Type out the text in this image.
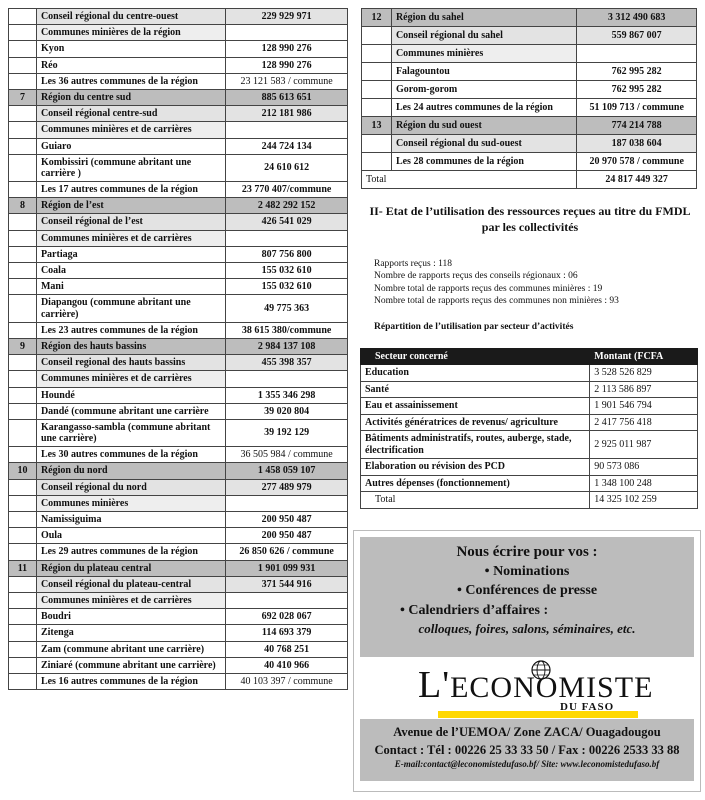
	Conseil régional du centre-ouest	229 929 971
	Communes minières de la région	
	Kyon	128 990 276
	Réo	128 990 276
	Les 36 autres communes de la région	23 121 583 / commune
7	Région du centre sud	885 613 651
	Conseil régional centre-sud	212 181 986
	Communes minières et de carrières	
	Guiaro	244 724 134
	Kombissiri (commune abritant une carrière )	24 610 612
	Les 17 autres communes de la région	23 770 407/commune
8	Région de l’est	2 482 292 152
	Conseil régional de l’est	426 541 029
	Communes minières et de carrières	
	Partiaga	807 756 800
	Coala	155 032 610
	Mani	155 032 610
	Diapangou (commune abritant une carrière)	49 775 363
	Les 23 autres communes de la région	38 615 380/commune
9	Région des hauts bassins	2 984 137 108
	Conseil regional des hauts bassins	455 398 357
	Communes minières et de carrières	
	Houndé	1 355 346 298
	Dandé (commune abritant une carrière	39 020 804
	Karangasso-sambla (commune abritant une carrière)	39 192 129
	Les 30 autres communes de la région	36 505 984 / commune
10	Région du nord	1 458 059 107
	Conseil régional du nord	277 489 979
	Communes minières	
	Namissiguima	200 950 487
	Oula	200 950 487
	Les 29 autres communes de la région	26 850 626 / commune
11	Région du plateau central	1 901 099 931
	Conseil régional du plateau-central	371 544 916
	Communes minières et de carrières	
	Boudri	692 028 067
	Zitenga	114 693 379
	Zam (commune abritant une carrière)	40 768 251
	Ziniaré (commune abritant une carrière)	40 410 966
	Les 16 autres communes de la région	40 103 397 / commune
12	Région du sahel	3 312 490 683
	Conseil régional du sahel	559 867 007
	Communes minières	
	Falagountou	762 995 282
	Gorom-gorom	762 995 282
	Les 24 autres communes de la région	51 109 713 / commune
13	Région du sud ouest	774 214 788
	Conseil régional du sud-ouest	187 038 604
	Les 28 communes de la région	20 970 578 / commune
Total		24 817 449 327
II- Etat de l’utilisation des ressources reçues au titre du FMDL par les collectivités
Rapports reçus : 118
Nombre de rapports reçus des conseils régionaux : 06
Nombre total de rapports reçus des communes minières : 19
Nombre total de rapports reçus des communes non minières : 93
Répartition de l’utilisation par secteur d’activités
Secteur concerné	Montant (FCFA
Education	3 528 526 829
Santé	2 113 586 897
Eau et assainissement	1 901 546 794
Activités génératrices de revenus/ agriculture	2 417 756 418
Bâtiments administratifs, routes, auberge, stade, électrification	2 925 011 987
Elaboration ou révision des PCD	90 573 086
Autres dépenses (fonctionnement)	1 348 100 248
Total	14 325 102 259
Nous écrire pour vos :
• Nominations
• Conférences de presse
• Calendriers d’affaires :
colloques, foires, salons, séminaires, etc.
L'ECONOMISTE
DU FASO
Avenue de l’UEMOA/ Zone ZACA/ Ouagadougou
Contact : Tél : 00226 25 33 33 50 / Fax : 00226 2533 33 88
E-mail:contact@leconomistedufaso.bf/ Site: www.leconomistedufaso.bf
